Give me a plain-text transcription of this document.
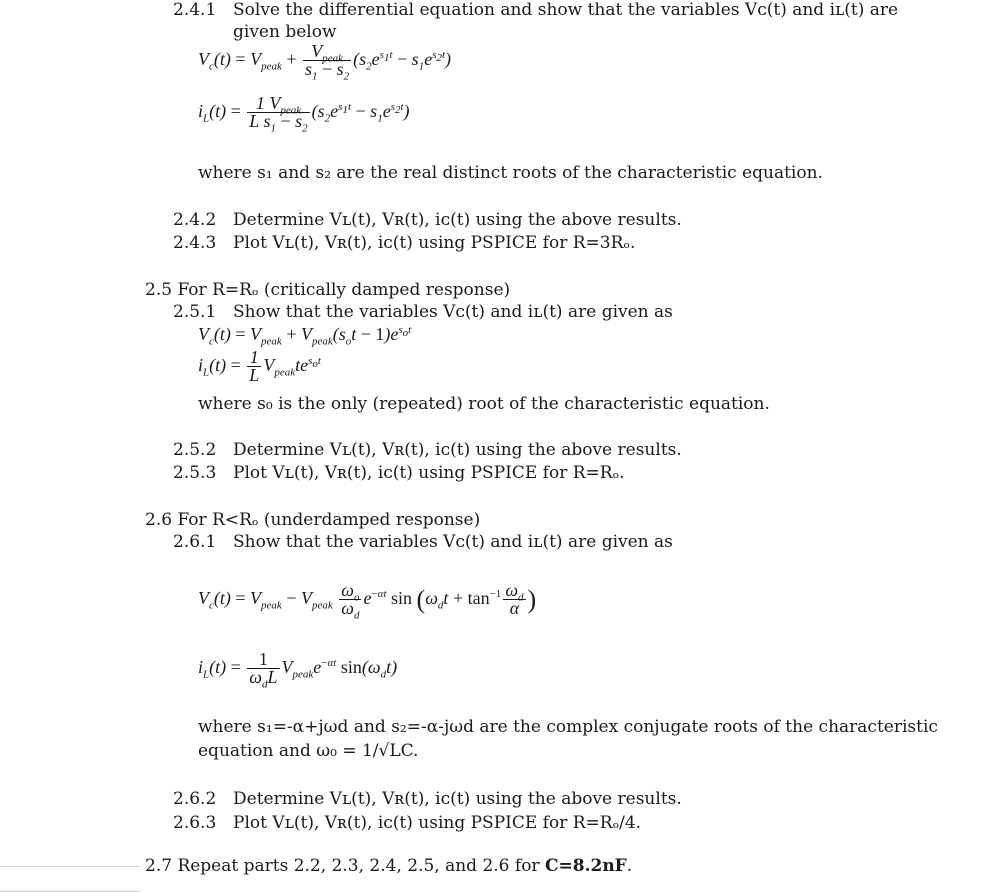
2.4.1 Solve the differential equation and show that the variables Vᴄ(t) and iʟ(t) are
given below
$V_c(t) = V_{peak} + \frac{V_{peak}}{s_1 - s_2} (s_2e^{s_1t} - s_1e^{s_2t})$
$i_L(t) = \frac{1 V_{peak}}{L s_1 - s_2} (s_2e^{s_1t} - s_1e^{s_2t})$
where s₁ and s₂ are the real distinct roots of the characteristic equation.
2.4.2 Determine Vʟ(t), Vʀ(t), iᴄ(t) using the above results.
2.4.3 Plot Vʟ(t), Vʀ(t), iᴄ(t) using PSPICE for R=3Rₒ.
2.5 For R=Rₒ (critically damped response)
2.5.1 Show that the variables Vᴄ(t) and iʟ(t) are given as
$V_c(t) = V_{peak} + V_{peak}(s_ot - 1)e^{s_ot}$
$i_L(t) = \frac{1}{L} V_{peak}te^{s_ot}$
where s₀ is the only (repeated) root of the characteristic equation.
2.5.2 Determine Vʟ(t), Vʀ(t), iᴄ(t) using the above results.
2.5.3 Plot Vʟ(t), Vʀ(t), iᴄ(t) using PSPICE for R=Rₒ.
2.6 For R<Rₒ (underdamped response)
2.6.1 Show that the variables Vᴄ(t) and iʟ(t) are given as
$V_c(t) = V_{peak} - V_{peak} \frac{\omega_o}{\omega_d} e^{-\alpha t}$ $\sin (\omega_dt + \tan^{-1} \frac{\omega_d}{\alpha}$ )
$i_L(t) = \frac{1}{\omega_dL} V_{peak}e^{-\alpha t}$ $\sin(\omega_dt)$
where s₁=-α+jωd and s₂=-α-jωd are the complex conjugate roots of the characteristic
equation and ω₀ = 1/√LC.
2.6.2 Determine Vʟ(t), Vʀ(t), iᴄ(t) using the above results.
2.6.3 Plot Vʟ(t), Vʀ(t), iᴄ(t) using PSPICE for R=Rₒ/4.
2.7 Repeat parts 2.2, 2.3, 2.4, 2.5, and 2.6 for C=8.2nF.
